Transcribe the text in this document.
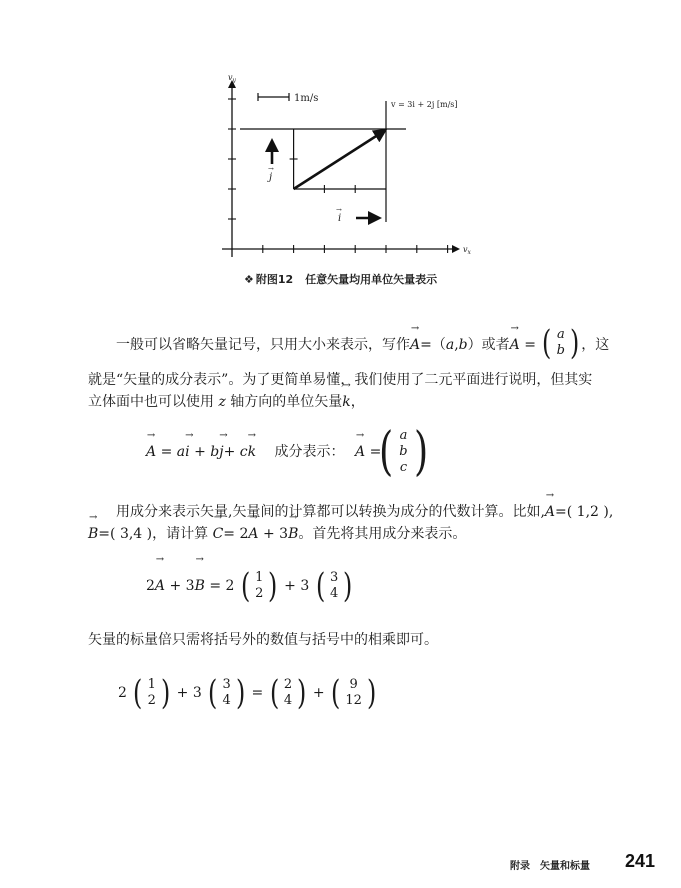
1m/s
$v_y$
$v_x$
v = 3i + 2j [m/s]
j
→
i
→
❖ 附图12 任意矢量均用单位矢量表示
一般可以省略矢量记号，只用大小来表示，写作→ A=（a,b）或者→ A = ( a
b ) ，这
就是“矢量的成分表示”。为了更简单易懂，我们使用了二元平面进行说明，但其实
立体面中也可以使用 z 轴方向的单位矢量→ k，
→ A = a→ i + b→ j+ c→ k 成分表示： → A =
( a
b
c )
用成分来表示矢量,矢量间的计算都可以转换为成分的代数计算。比如,→ A=( 1,2 ),
→ B=( 3,4 )，请计算 → C= 2→ A + 3→ B。首先将其用成分来表示。
2→ A + 3→ B = 2 ( 1
2 ) + 3 ( 3
4 )
矢量的标量倍只需将括号外的数值与括号中的相乘即可。
2 ( 1
2 ) + 3 ( 3
4 ) = ( 2
4 ) + ( 9
12 )
附录 矢量和标量 241
